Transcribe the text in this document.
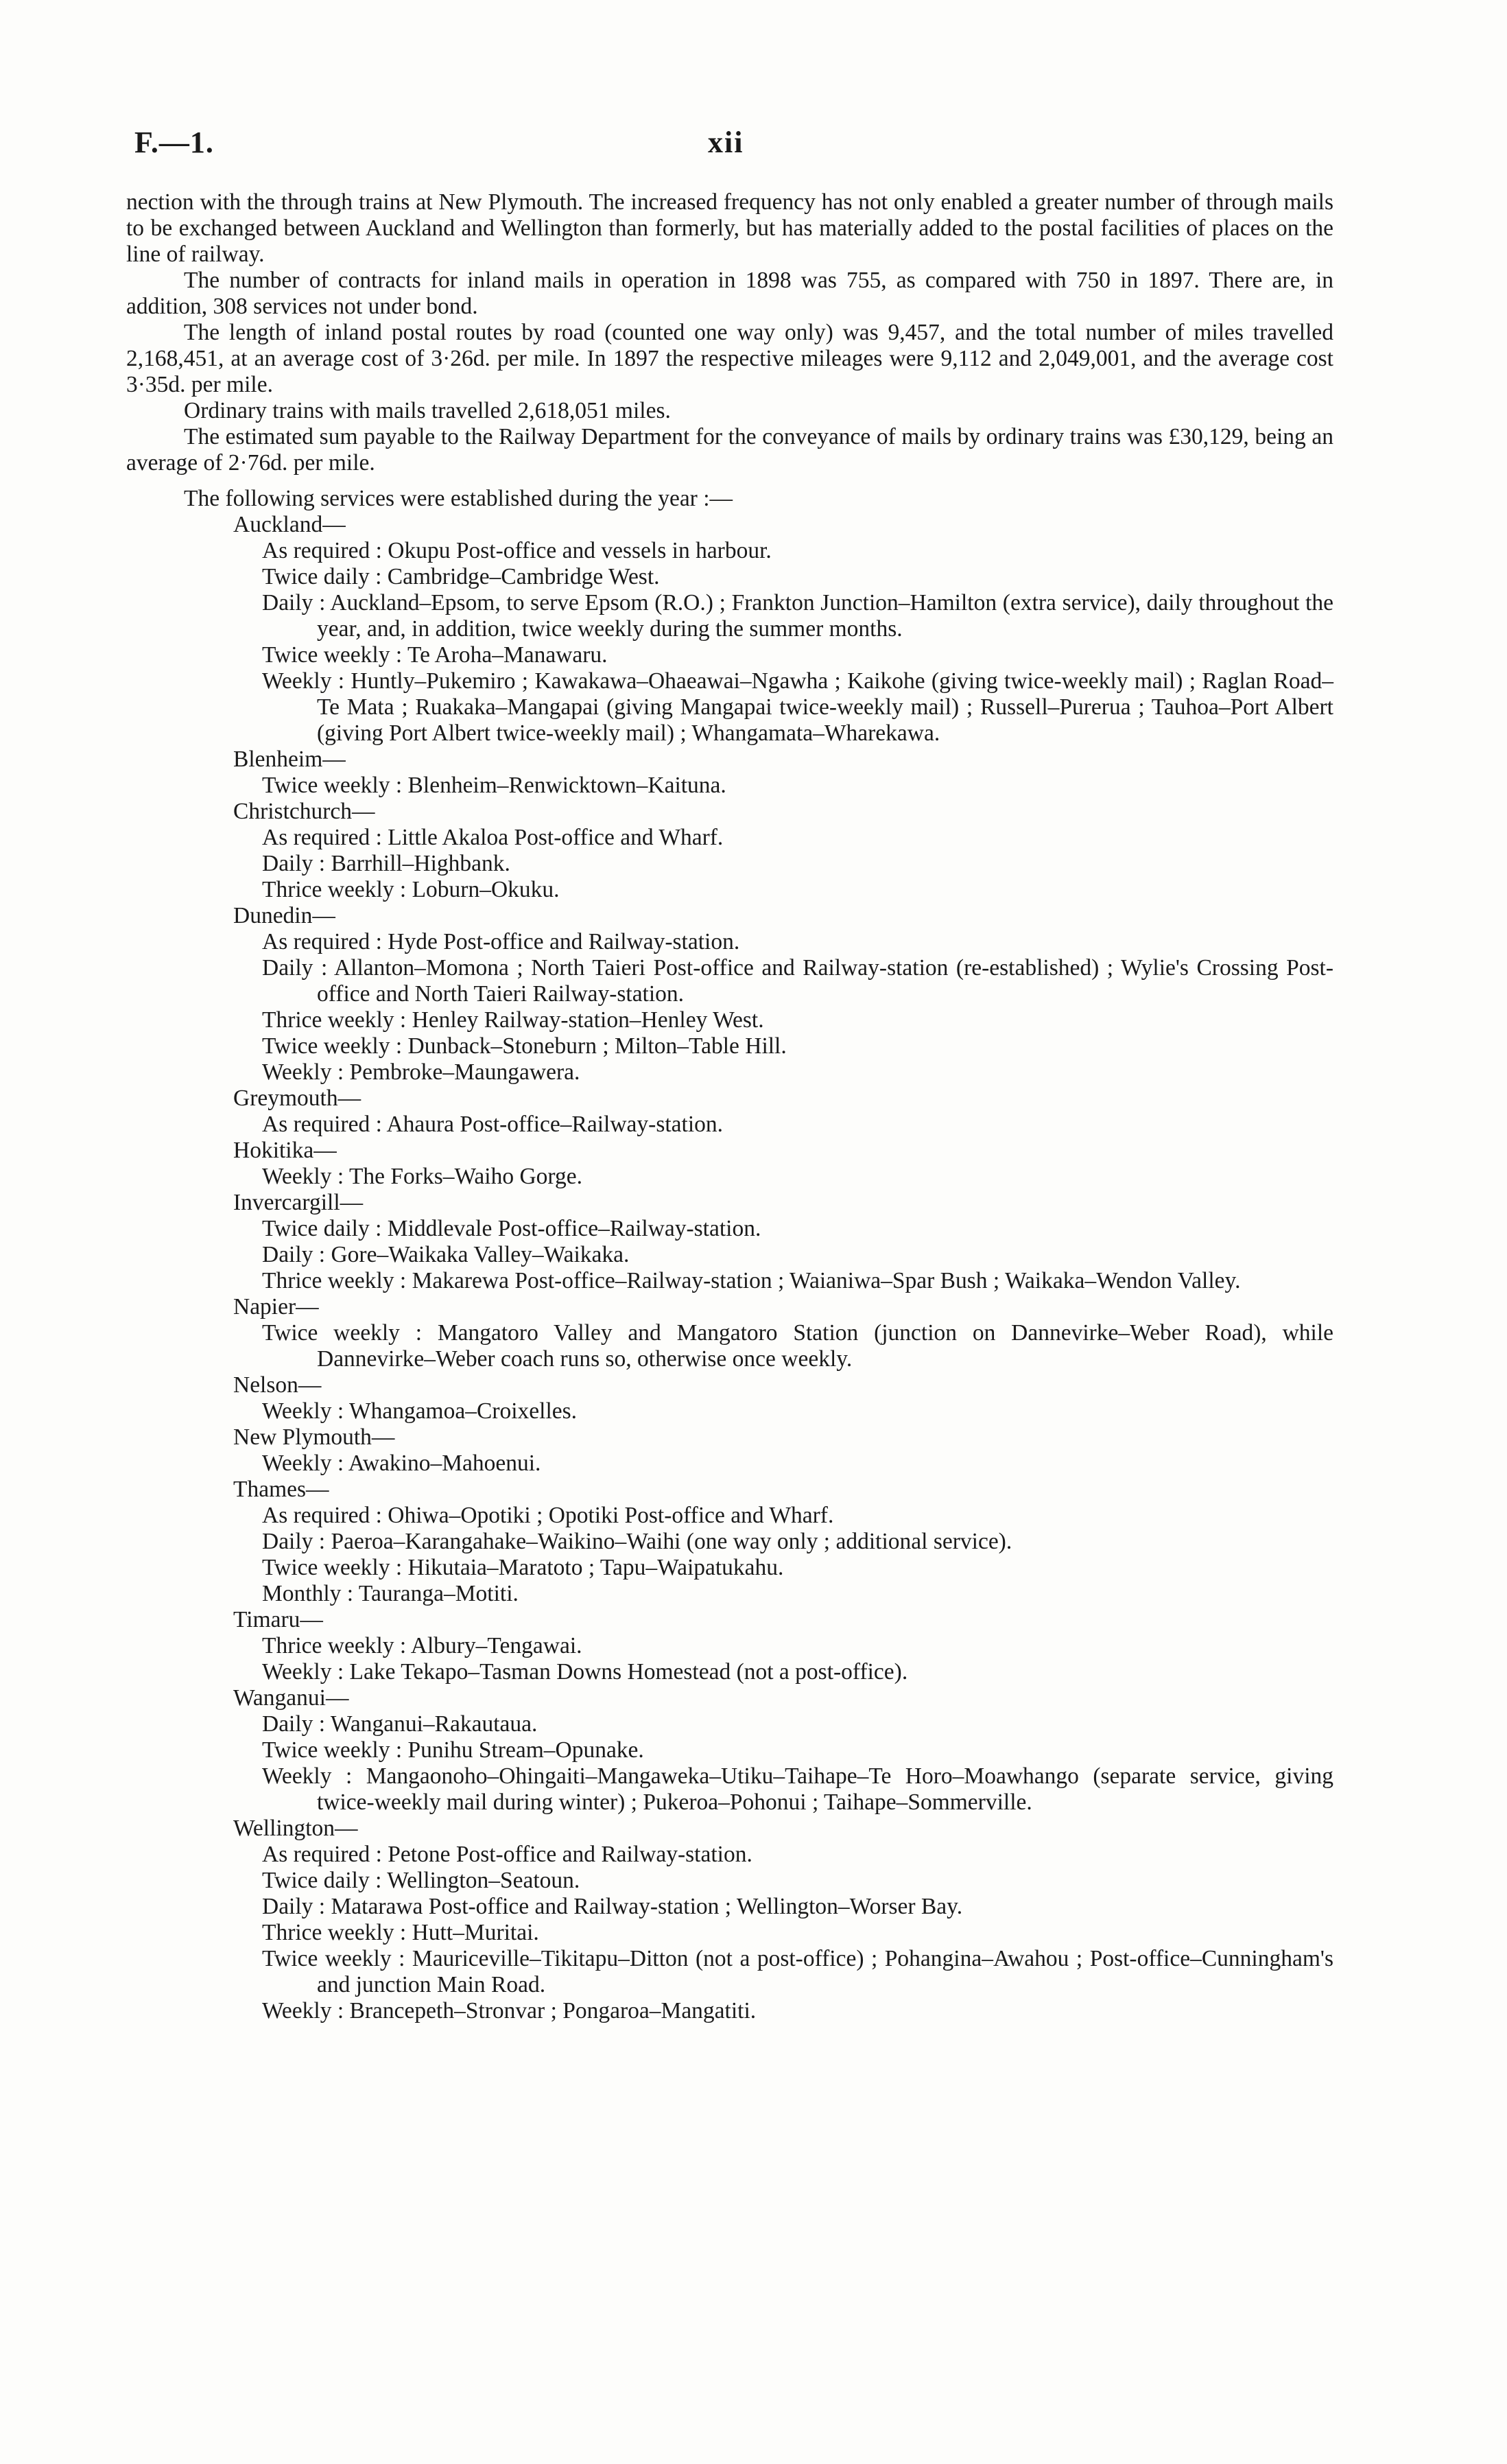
F.—1.	xii

nection with the through trains at New Plymouth. The increased frequency has not only enabled a greater number of through mails to be exchanged between Auckland and Wellington than formerly, but has materially added to the postal facilities of places on the line of railway.

The number of contracts for inland mails in operation in 1898 was 755, as compared with 750 in 1897. There are, in addition, 308 services not under bond.

The length of inland postal routes by road (counted one way only) was 9,457, and the total number of miles travelled 2,168,451, at an average cost of 3·26d. per mile. In 1897 the respective mileages were 9,112 and 2,049,001, and the average cost 3·35d. per mile.

Ordinary trains with mails travelled 2,618,051 miles.

The estimated sum payable to the Railway Department for the conveyance of mails by ordinary trains was £30,129, being an average of 2·76d. per mile.

The following services were established during the year :—

Auckland—

As required : Okupu Post-office and vessels in harbour.

Twice daily : Cambridge–Cambridge West.

Daily : Auckland–Epsom, to serve Epsom (R.O.) ; Frankton Junction–Hamilton (extra service), daily throughout the year, and, in addition, twice weekly during the summer months.

Twice weekly : Te Aroha–Manawaru.

Weekly : Huntly–Pukemiro ; Kawakawa–Ohaeawai–Ngawha ; Kaikohe (giving twice-weekly mail) ; Raglan Road–Te Mata ; Ruakaka–Mangapai (giving Mangapai twice-weekly mail) ; Russell–Purerua ; Tauhoa–Port Albert (giving Port Albert twice-weekly mail) ; Whangamata–Wharekawa.

Blenheim—

Twice weekly : Blenheim–Renwicktown–Kaituna.

Christchurch—

As required : Little Akaloa Post-office and Wharf.

Daily : Barrhill–Highbank.

Thrice weekly : Loburn–Okuku.

Dunedin—

As required : Hyde Post-office and Railway-station.

Daily : Allanton–Momona ; North Taieri Post-office and Railway-station (re-established) ; Wylie's Crossing Post-office and North Taieri Railway-station.

Thrice weekly : Henley Railway-station–Henley West.

Twice weekly : Dunback–Stoneburn ; Milton–Table Hill.

Weekly : Pembroke–Maungawera.

Greymouth—

As required : Ahaura Post-office–Railway-station.

Hokitika—

Weekly : The Forks–Waiho Gorge.

Invercargill—

Twice daily : Middlevale Post-office–Railway-station.

Daily : Gore–Waikaka Valley–Waikaka.

Thrice weekly : Makarewa Post-office–Railway-station ; Waianiwa–Spar Bush ; Waikaka–Wendon Valley.

Napier—

Twice weekly : Mangatoro Valley and Mangatoro Station (junction on Dannevirke–Weber Road), while Dannevirke–Weber coach runs so, otherwise once weekly.

Nelson—

Weekly : Whangamoa–Croixelles.

New Plymouth—

Weekly : Awakino–Mahoenui.

Thames—

As required : Ohiwa–Opotiki ; Opotiki Post-office and Wharf.

Daily : Paeroa–Karangahake–Waikino–Waihi (one way only ; additional service).

Twice weekly : Hikutaia–Maratoto ; Tapu–Waipatukahu.

Monthly : Tauranga–Motiti.

Timaru—

Thrice weekly : Albury–Tengawai.

Weekly : Lake Tekapo–Tasman Downs Homestead (not a post-office).

Wanganui—

Daily : Wanganui–Rakautaua.

Twice weekly : Punihu Stream–Opunake.

Weekly : Mangaonoho–Ohingaiti–Mangaweka–Utiku–Taihape–Te Horo–Moawhango (separate service, giving twice-weekly mail during winter) ; Pukeroa–Pohonui ; Taihape–Sommerville.

Wellington—

As required : Petone Post-office and Railway-station.

Twice daily : Wellington–Seatoun.

Daily : Matarawa Post-office and Railway-station ; Wellington–Worser Bay.

Thrice weekly : Hutt–Muritai.

Twice weekly : Mauriceville–Tikitapu–Ditton (not a post-office) ; Pohangina–Awahou ; Post-office–Cunningham's and junction Main Road.

Weekly : Brancepeth–Stronvar ; Pongaroa–Mangatiti.
